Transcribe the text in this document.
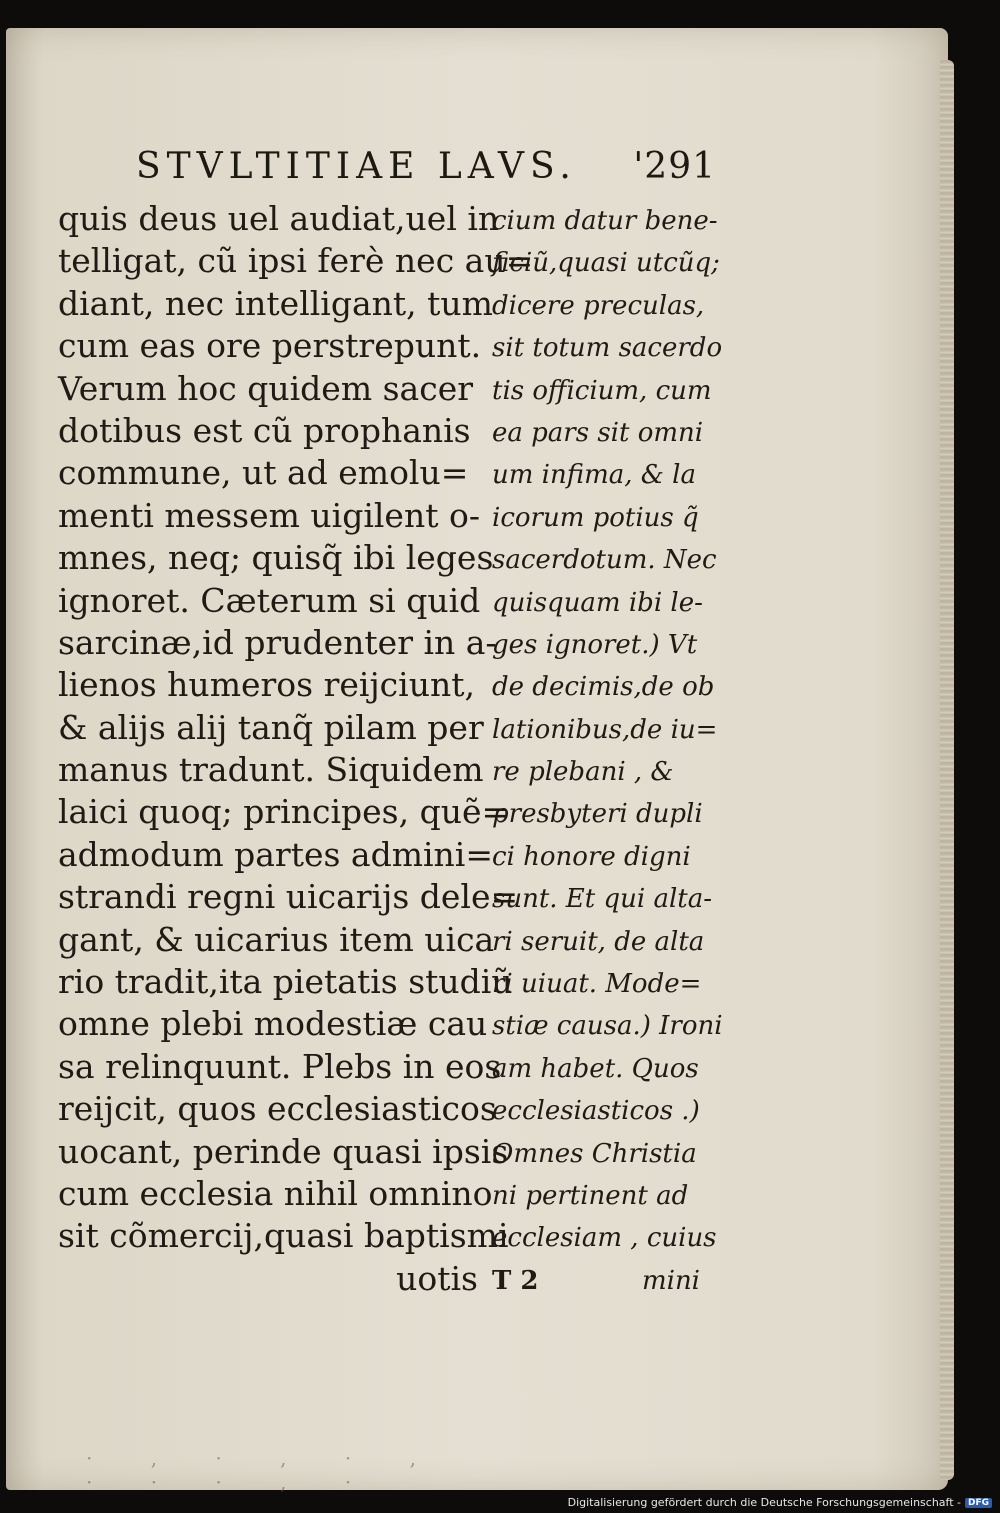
STVLTITIAE LAVS. '291
quis deus uel audiat,uel in
telligat, cũ ipsi ferè nec au=
diant, nec intelligant, tum
cum eas ore perstrepunt.
Verum hoc quidem sacer
dotibus est cũ prophanis
commune, ut ad emolu=
menti messem uigilent o-
mnes, neq; quisq̃ ibi leges
ignoret. Cæterum si quid
sarcinæ,id prudenter in a-
lienos humeros reijciunt,
& alijs alij tanq̃ pilam per
manus tradunt. Siquidem
laici quoq; principes, quẽ=
admodum partes admini=
strandi regni uicarijs dele=
gant, & uicarius item uica
rio tradit,ita pietatis studiũ
omne plebi modestiæ cau
sa relinquunt. Plebs in eos
reijcit, quos ecclesiasticos
uocant, perinde quasi ipsis
cum ecclesia nihil omnino
sit cõmercij,quasi baptismi
uotis
cium datur bene-
ficiũ,quasi utcũq;
dicere preculas,
sit totum sacerdo
tis officium, cum
ea pars sit omni
um infima, & la
icorum potius q̃
sacerdotum. Nec
quisquam ibi le-
ges ignoret.) Vt
de decimis,de ob
lationibus,de iu=
re plebani , &
presbyteri dupli
ci honore digni
sunt. Et qui alta-
ri seruit, de alta
ri uiuat. Mode=
stiæ causa.) Ironi
am habet. Quos
ecclesiasticos .)
Omnes Christia
ni pertinent ad
ecclesiam , cuius
T 2	mini
· , · , · , · · · , ·
Digitalisierung gefördert durch die Deutsche Forschungsgemeinschaft - DFG
